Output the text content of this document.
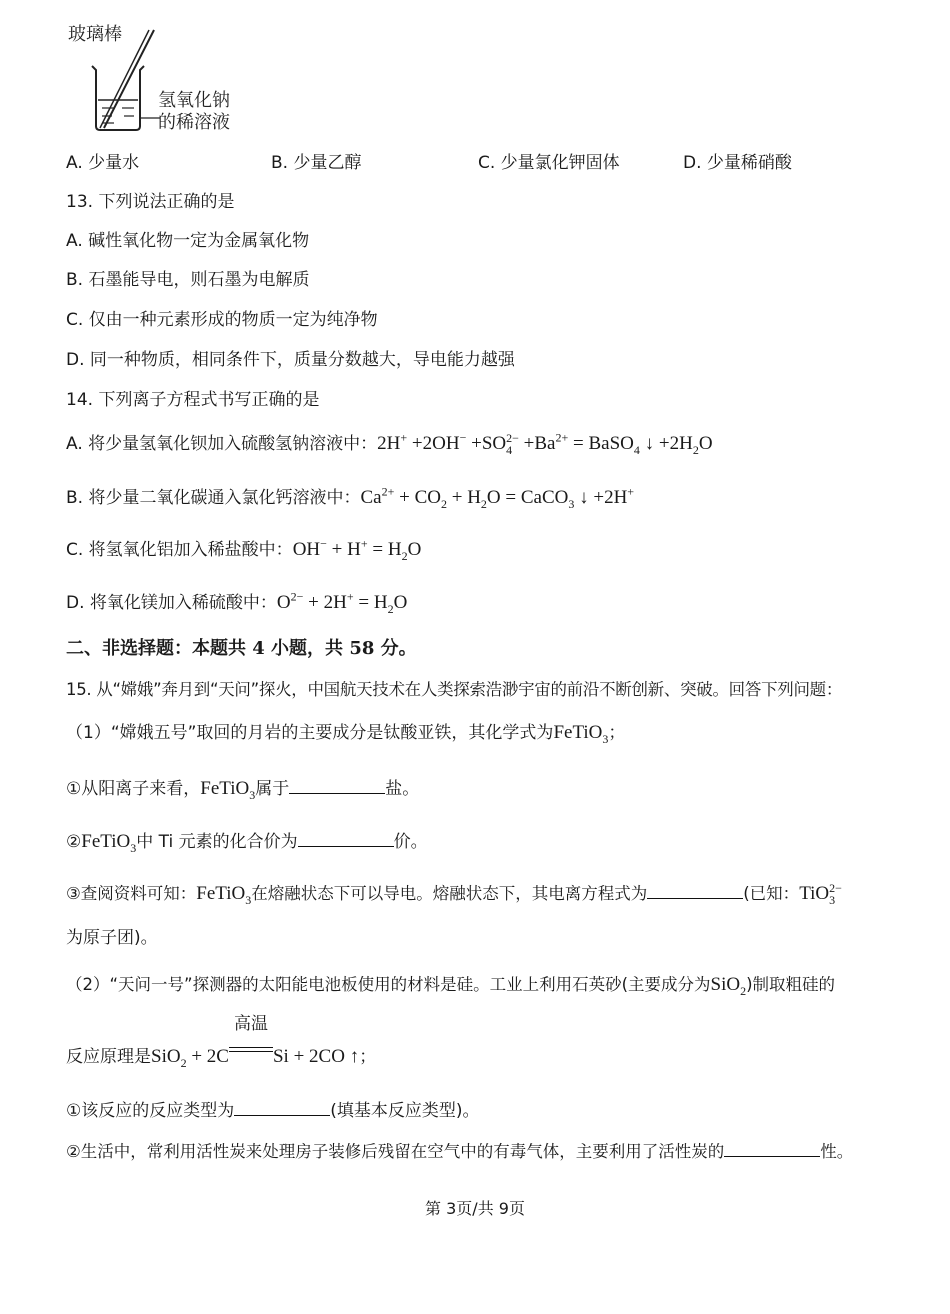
玻璃棒
氢氧化钠
的稀溶液
A. 少量水	B. 少量乙醇	C. 少量氯化钾固体	D. 少量稀硝酸
13. 下列说法正确的是
A. 碱性氧化物一定为金属氧化物
B. 石墨能导电，则石墨为电解质
C. 仅由一种元素形成的物质一定为纯净物
D. 同一种物质，相同条件下，质量分数越大，导电能力越强
14. 下列离子方程式书写正确的是
A. 将少量氢氧化钡加入硫酸氢钠溶液中：$2H^+ +2OH^- +SO_4^{2-} +Ba^{2+}$ = BaSO$_4$ ↓ $+2H_2O$
B. 将少量二氧化碳通入氯化钙溶液中：$Ca^{2+} + CO_2 + H_2O$ = CaCO$_3$ ↓ +2H+
C. 将氢氧化铝加入稀盐酸中：$OH^- + H^+ = H_2O$
D. 将氧化镁加入稀硫酸中：$O^{2-} + 2H^+ = H_2O$
二、非选择题：本题共 4 小题，共 58 分。
15. 从“嫦娥”奔月到“天问”探火，中国航天技术在人类探索浩渺宇宙的前沿不断创新、突破。回答下列问题：
（1）“嫦娥五号”取回的月岩的主要成分是钛酸亚铁，其化学式为FeTiO$_3$；
①从阳离子来看，FeTiO$_3$属于	盐。
②FeTiO$_3$中 Ti 元素的化合价为	价。
③查阅资料可知：FeTiO$_3$在熔融状态下可以导电。熔融状态下，其电离方程式为	(已知：TiO$_3^{2-}$
为原子团)。
（2）“天问一号”探测器的太阳能电池板使用的材料是硅。工业上利用石英砂(主要成分为SiO$_2$)制取粗硅的
反应原理是SiO$_2$ + 2C
高温
Si + 2CO ↑；
①该反应的反应类型为	(填基本反应类型)。
②生活中，常利用活性炭来处理房子装修后残留在空气中的有毒气体，主要利用了活性炭的	性。
第 3页/共 9页
